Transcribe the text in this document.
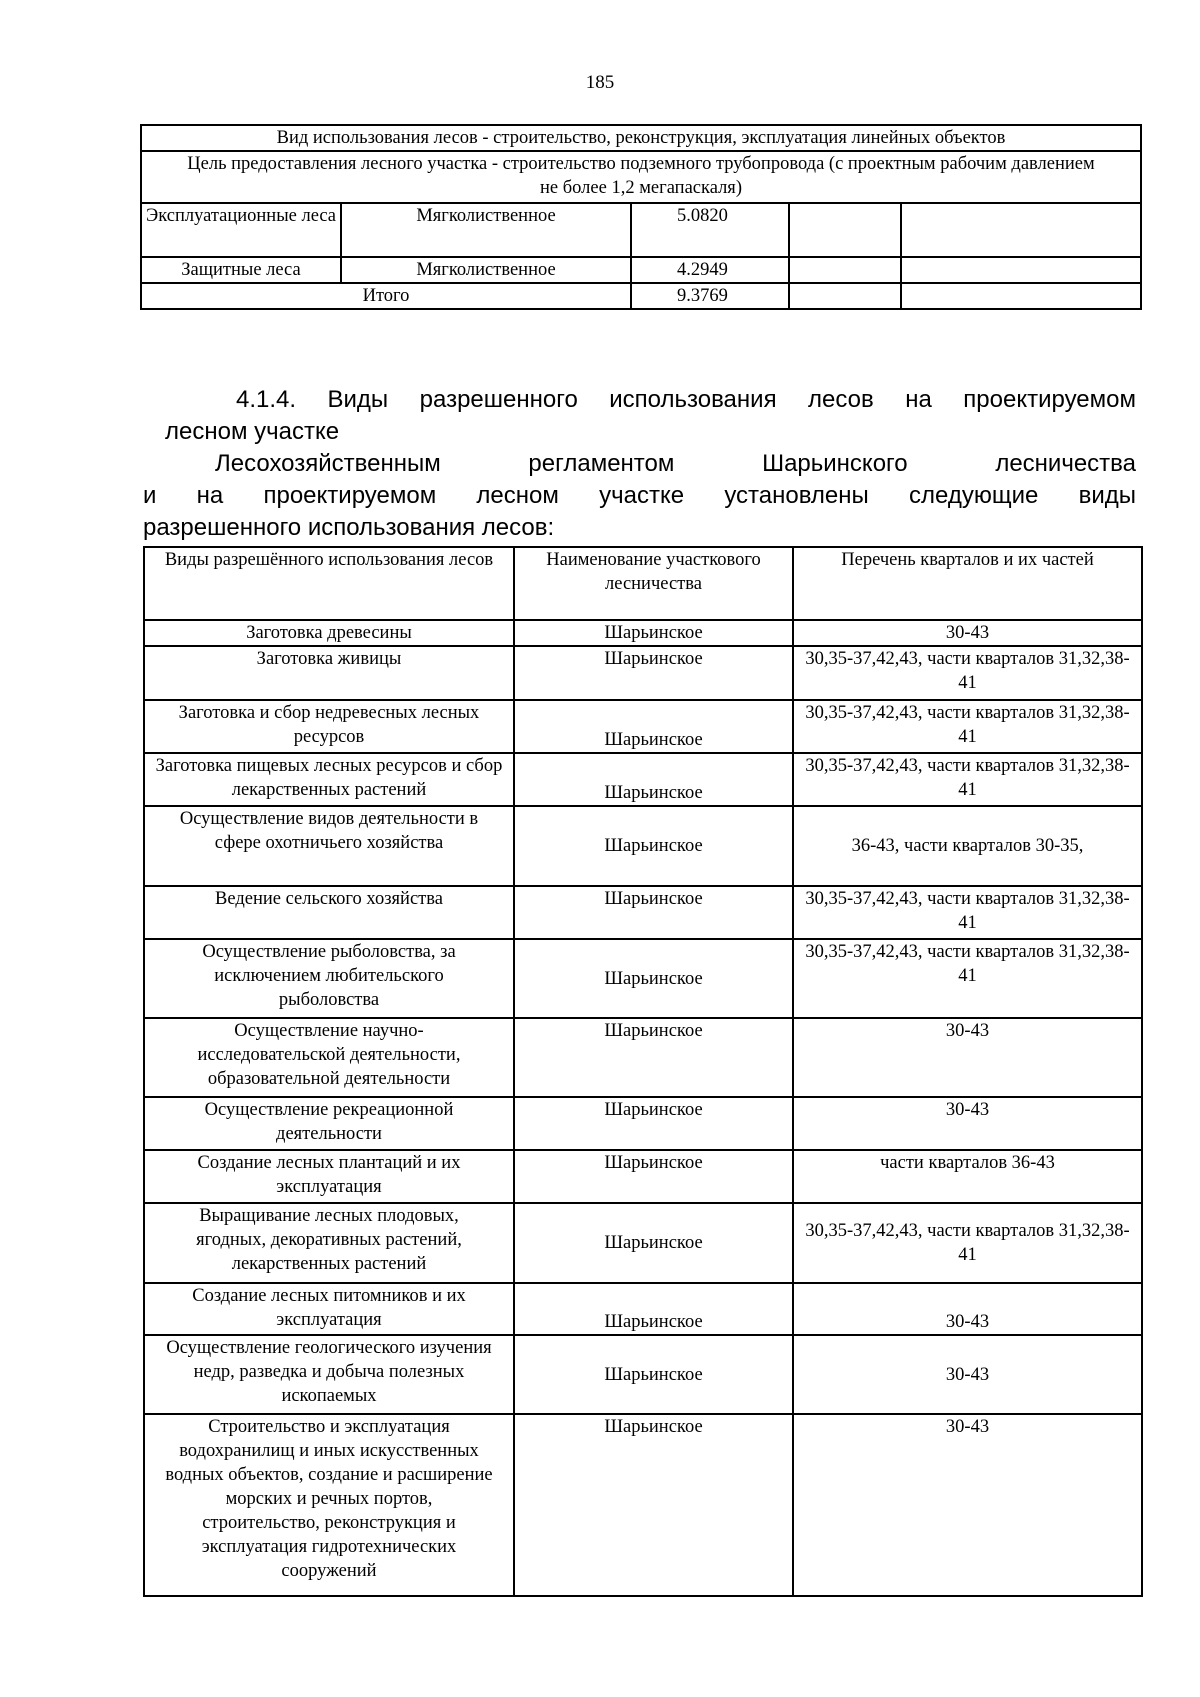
185
Вид использования лесов - строительство, реконструкция, эксплуатация линейных объектов				
Цель предоставления лесного участка - строительство подземного трубопровода (с проектным рабочим давлением не более 1,2 мегапаскаля)				
Эксплуатационные леса	Мягколиственное	5.0820		
Защитные леса	Мягколиственное	4.2949		
Итого		9.3769		
4.1.4. Виды разрешенного использования лесов на проектируемом
лесном участке
Лесохозяйственным регламентом Шарьинского лесничества
и на проектируемом лесном участке установлены следующие виды
разрешенного использования лесов:
Виды разрешённого использования лесов	Наименование участкового лесничества	Перечень кварталов и их частей
Заготовка древесины	Шарьинское	30-43
Заготовка живицы	Шарьинское	30,35-37,42,43, части кварталов 31,32,38-41
Заготовка и сбор недревесных лесных ресурсов	Шарьинское	30,35-37,42,43, части кварталов 31,32,38-41
Заготовка пищевых лесных ресурсов и сбор лекарственных растений	Шарьинское	30,35-37,42,43, части кварталов 31,32,38-41
Осуществление видов деятельности в сфере охотничьего хозяйства	Шарьинское	36-43, части кварталов 30-35,
Ведение сельского хозяйства	Шарьинское	30,35-37,42,43, части кварталов 31,32,38-41
Осуществление рыболовства, за исключением любительского рыболовства	Шарьинское	30,35-37,42,43, части кварталов 31,32,38-41
Осуществление научно-исследовательской деятельности, образовательной деятельности	Шарьинское	30-43
Осуществление рекреационной деятельности	Шарьинское	30-43
Создание лесных плантаций и их эксплуатация	Шарьинское	части кварталов 36-43
Выращивание лесных плодовых, ягодных, декоративных растений, лекарственных растений	Шарьинское	30,35-37,42,43, части кварталов 31,32,38-41
Создание лесных питомников и их эксплуатация	Шарьинское	30-43
Осуществление геологического изучения недр, разведка и добыча полезных ископаемых	Шарьинское	30-43
Строительство и эксплуатация водохранилищ и иных искусственных водных объектов, создание и расширение морских и речных портов, строительство, реконструкция и эксплуатация гидротехнических сооружений	Шарьинское	30-43
